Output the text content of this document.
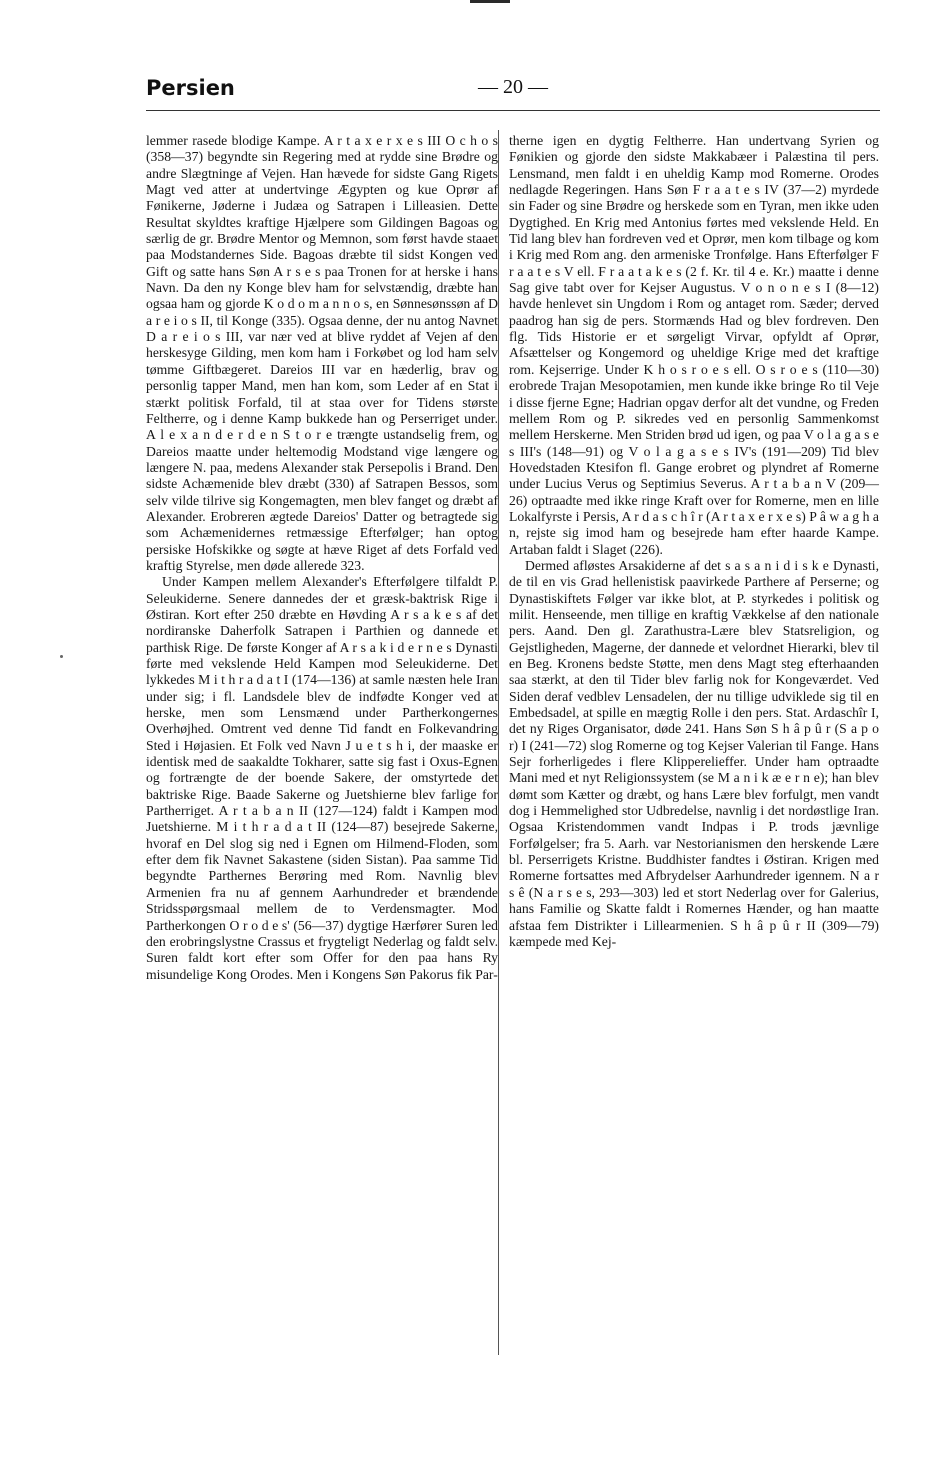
Persien	— 20 —

lemmer rasede blodige Kampe. A r t a x e r x e s III O c h o s (358—37) begyndte sin Regering med at rydde sine Brødre og andre Slægtninge af Vejen. Han hævede for sidste Gang Rigets Magt ved atter at undertvinge Ægypten og kue Oprør af Fønikerne, Jøderne i Judæa og Satrapen i Lilleasien. Dette Resultat skyldtes kraftige Hjælpere som Gildingen Bagoas og særlig de gr. Brødre Mentor og Memnon, som først havde staaet paa Modstandernes Side. Bagoas dræbte til sidst Kongen ved Gift og satte hans Søn A r s e s paa Tronen for at herske i hans Navn. Da den ny Konge blev ham for selvstændig, dræbte han ogsaa ham og gjorde K o d o m a n n o s, en Sønnesønssøn af D a r e i o s II, til Konge (335). Ogsaa denne, der nu antog Navnet D a r e i o s III, var nær ved at blive ryddet af Vejen af den herskesyge Gilding, men kom ham i Forkøbet og lod ham selv tømme Giftbægeret. Dareios III var en hæderlig, brav og personlig tapper Mand, men han kom, som Leder af en Stat i stærkt politisk Forfald, til at staa over for Tidens største Feltherre, og i denne Kamp bukkede han og Perserriget under. A l e x a n d e r d e n S t o r e trængte ustandselig frem, og Dareios maatte under heltemodig Modstand vige længere og længere N. paa, medens Alexander stak Persepolis i Brand. Den sidste Achæmenide blev dræbt (330) af Satrapen Bessos, som selv vilde tilrive sig Kongemagten, men blev fanget og dræbt af Alexander. Erobreren ægtede Dareios' Datter og betragtede sig som Achæmenidernes retmæssige Efterfølger; han optog persiske Hofskikke og søgte at hæve Riget af dets Forfald ved kraftig Styrelse, men døde allerede 323.

Under Kampen mellem Alexander's Efterfølgere tilfaldt P. Seleukiderne. Senere dannedes der et græsk-baktrisk Rige i Østiran. Kort efter 250 dræbte en Høvding A r s a k e s af det nordiranske Daherfolk Satrapen i Parthien og dannede et parthisk Rige. De første Konger af A r s a k i d e r n e s Dynasti førte med vekslende Held Kampen mod Seleukiderne. Det lykkedes M i t h r a d a t I (174—136) at samle næsten hele Iran under sig; i fl. Landsdele blev de indfødte Konger ved at herske, men som Lensmænd under Partherkongernes Overhøjhed. Omtrent ved denne Tid fandt en Folkevandring Sted i Højasien. Et Folk ved Navn J u e t s h i, der maaske er identisk med de saakaldte Tokharer, satte sig fast i Oxus-Egnen og fortrængte de der boende Sakere, der omstyrtede det baktriske Rige. Baade Sakerne og Juetshierne blev farlige for Partherriget. A r t a b a n II (127—124) faldt i Kampen mod Juetshierne. M i t h r a d a t II (124—87) besejrede Sakerne, hvoraf en Del slog sig ned i Egnen om Hilmend-Floden, som efter dem fik Navnet Sakastene (siden Sistan). Paa samme Tid begyndte Parthernes Berøring med Rom. Navnlig blev Armenien fra nu af gennem Aarhundreder et brændende Stridsspørgsmaal mellem de to Verdensmagter. Mod Partherkongen O r o d e s' (56—37) dygtige Hærfører Suren led den erobringslystne Crassus et frygteligt Nederlag og faldt selv. Suren faldt kort efter som Offer for den paa hans Ry misundelige Kong Orodes. Men i Kongens Søn Pakorus fik Par-

therne igen en dygtig Feltherre. Han undertvang Syrien og Fønikien og gjorde den sidste Makkabæer i Palæstina til pers. Lensmand, men faldt i en uheldig Kamp mod Romerne. Orodes nedlagde Regeringen. Hans Søn F r a a t e s IV (37—2) myrdede sin Fader og sine Brødre og herskede som en Tyran, men ikke uden Dygtighed. En Krig med Antonius førtes med vekslende Held. En Tid lang blev han fordreven ved et Oprør, men kom tilbage og kom i Krig med Rom ang. den armeniske Tronfølge. Hans Efterfølger F r a a t e s V ell. F r a a t a k e s (2 f. Kr. til 4 e. Kr.) maatte i denne Sag give tabt over for Kejser Augustus. V o n o n e s I (8—12) havde henlevet sin Ungdom i Rom og antaget rom. Sæder; derved paadrog han sig de pers. Stormænds Had og blev fordreven. Den flg. Tids Historie er et sørgeligt Virvar, opfyldt af Oprør, Afsættelser og Kongemord og uheldige Krige med det kraftige rom. Kejserrige. Under K h o s r o e s ell. O s r o e s (110—30) erobrede Trajan Mesopotamien, men kunde ikke bringe Ro til Veje i disse fjerne Egne; Hadrian opgav derfor alt det vundne, og Freden mellem Rom og P. sikredes ved en personlig Sammenkomst mellem Herskerne. Men Striden brød ud igen, og paa V o l a g a s e s III's (148—91) og V o l a g a s e s IV's (191—209) Tid blev Hovedstaden Ktesifon fl. Gange erobret og plyndret af Romerne under Lucius Verus og Septimius Severus. A r t a b a n V (209—26) optraadte med ikke ringe Kraft over for Romerne, men en lille Lokalfyrste i Persis, A r d a s c h î r (A r t a x e r x e s) P â w a g h a n, rejste sig imod ham og besejrede ham efter haarde Kampe. Artaban faldt i Slaget (226).

Dermed afløstes Arsakiderne af det s a s a n i d i s k e Dynasti, de til en vis Grad hellenistisk paavirkede Parthere af Perserne; og Dynastiskiftets Følger var ikke blot, at P. styrkedes i politisk og milit. Henseende, men tillige en kraftig Vækkelse af den nationale pers. Aand. Den gl. Zarathustra-Lære blev Statsreligion, og Gejstligheden, Magerne, der dannede et velordnet Hierarki, blev til en Beg. Kronens bedste Støtte, men dens Magt steg efterhaanden saa stærkt, at den til Tider blev farlig nok for Kongeværdet. Ved Siden deraf vedblev Lensadelen, der nu tillige udviklede sig til en Embedsadel, at spille en mægtig Rolle i den pers. Stat. Ardaschîr I, det ny Riges Organisator, døde 241. Hans Søn S h â p û r (S a p o r) I (241—72) slog Romerne og tog Kejser Valerian til Fange. Hans Sejr forherligedes i flere Klipperelieffer. Under ham optraadte Mani med et nyt Religionssystem (se M a n i k æ e r n e); han blev dømt som Kætter og dræbt, og hans Lære blev forfulgt, men vandt dog i Hemmelighed stor Udbredelse, navnlig i det nordøstlige Iran. Ogsaa Kristendommen vandt Indpas i P. trods jævnlige Forfølgelser; fra 5. Aarh. var Nestorianismen den herskende Lære bl. Perserrigets Kristne. Buddhister fandtes i Østiran. Krigen med Romerne fortsattes med Afbrydelser Aarhundreder igennem. N a r s ê (N a r s e s, 293—303) led et stort Nederlag over for Galerius, hans Familie og Skatte faldt i Romernes Hænder, og han maatte afstaa fem Distrikter i Lillearmenien. S h â p û r II (309—79) kæmpede med Kej-
